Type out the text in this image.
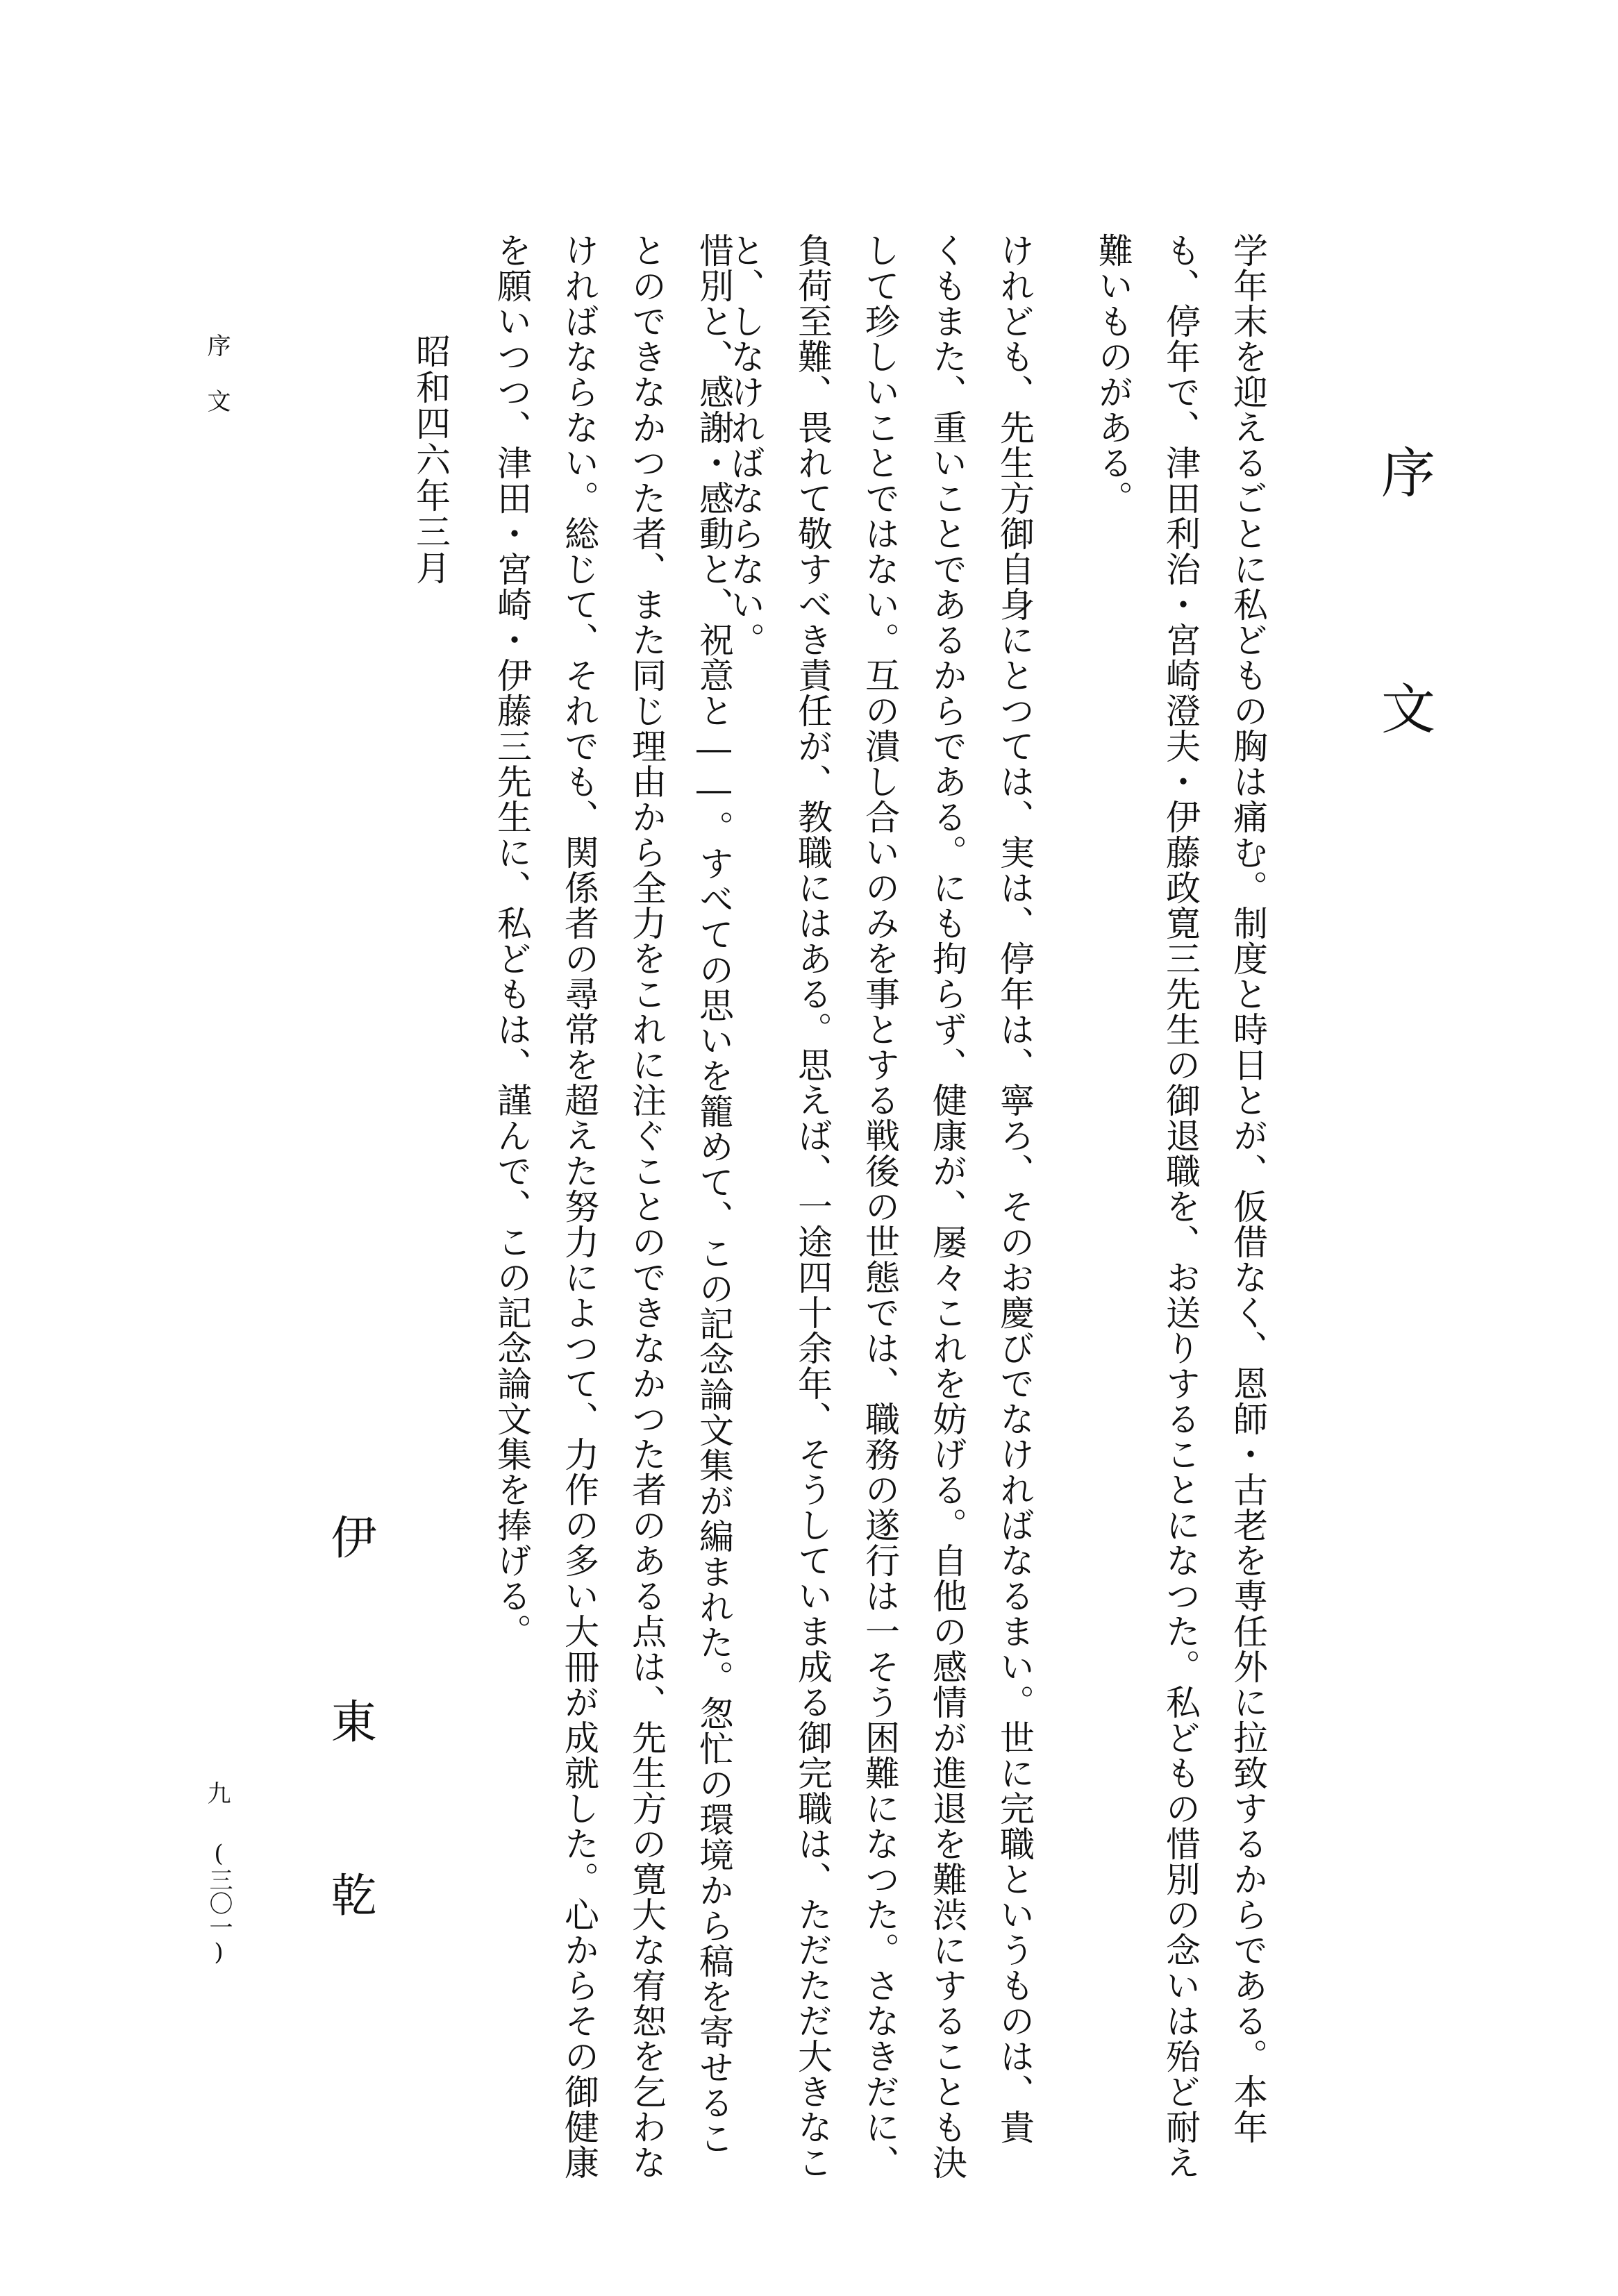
序
文
学年末を迎えるごとに私どもの胸は痛む。制度と時日とが、仮借なく、恩師・古老を専任外に拉致するからである。本年
も、停年で、津田利治・宮崎澄夫・伊藤政寛三先生の御退職を、お送りすることになつた。私どもの惜別の念いは殆ど耐え
難いものがある。
けれども、先生方御自身にとつては、実は、停年は、寧ろ、そのお慶びでなければなるまい。世に完職というものは、貴
くもまた、重いことであるからである。にも拘らず、健康が、屡々これを妨げる。自他の感情が進退を難渋にすることも決
して珍しいことではない。互の潰し合いのみを事とする戦後の世態では、職務の遂行は一そう困難になつた。さなきだに、
負荷至難、畏れて敬すべき責任が、教職にはある。思えば、一途四十余年、そうしていま成る御完職は、ただただ大きなこ
と、しなければならない。
惜別と、感謝・感動と、祝意と――。すべての思いを籠めて、この記念論文集が編まれた。怱忙の環境から稿を寄せるこ
とのできなかつた者、また同じ理由から全力をこれに注ぐことのできなかつた者のある点は、先生方の寛大な宥恕を乞わな
ければならない。総じて、それでも、関係者の尋常を超えた努力によつて、力作の多い大冊が成就した。心からその御健康
を願いつつ、津田・宮崎・伊藤三先生に、私どもは、謹んで、この記念論文集を捧げる。
昭和四六年三月
伊
東
乾
序
文
九
(三〇一)
